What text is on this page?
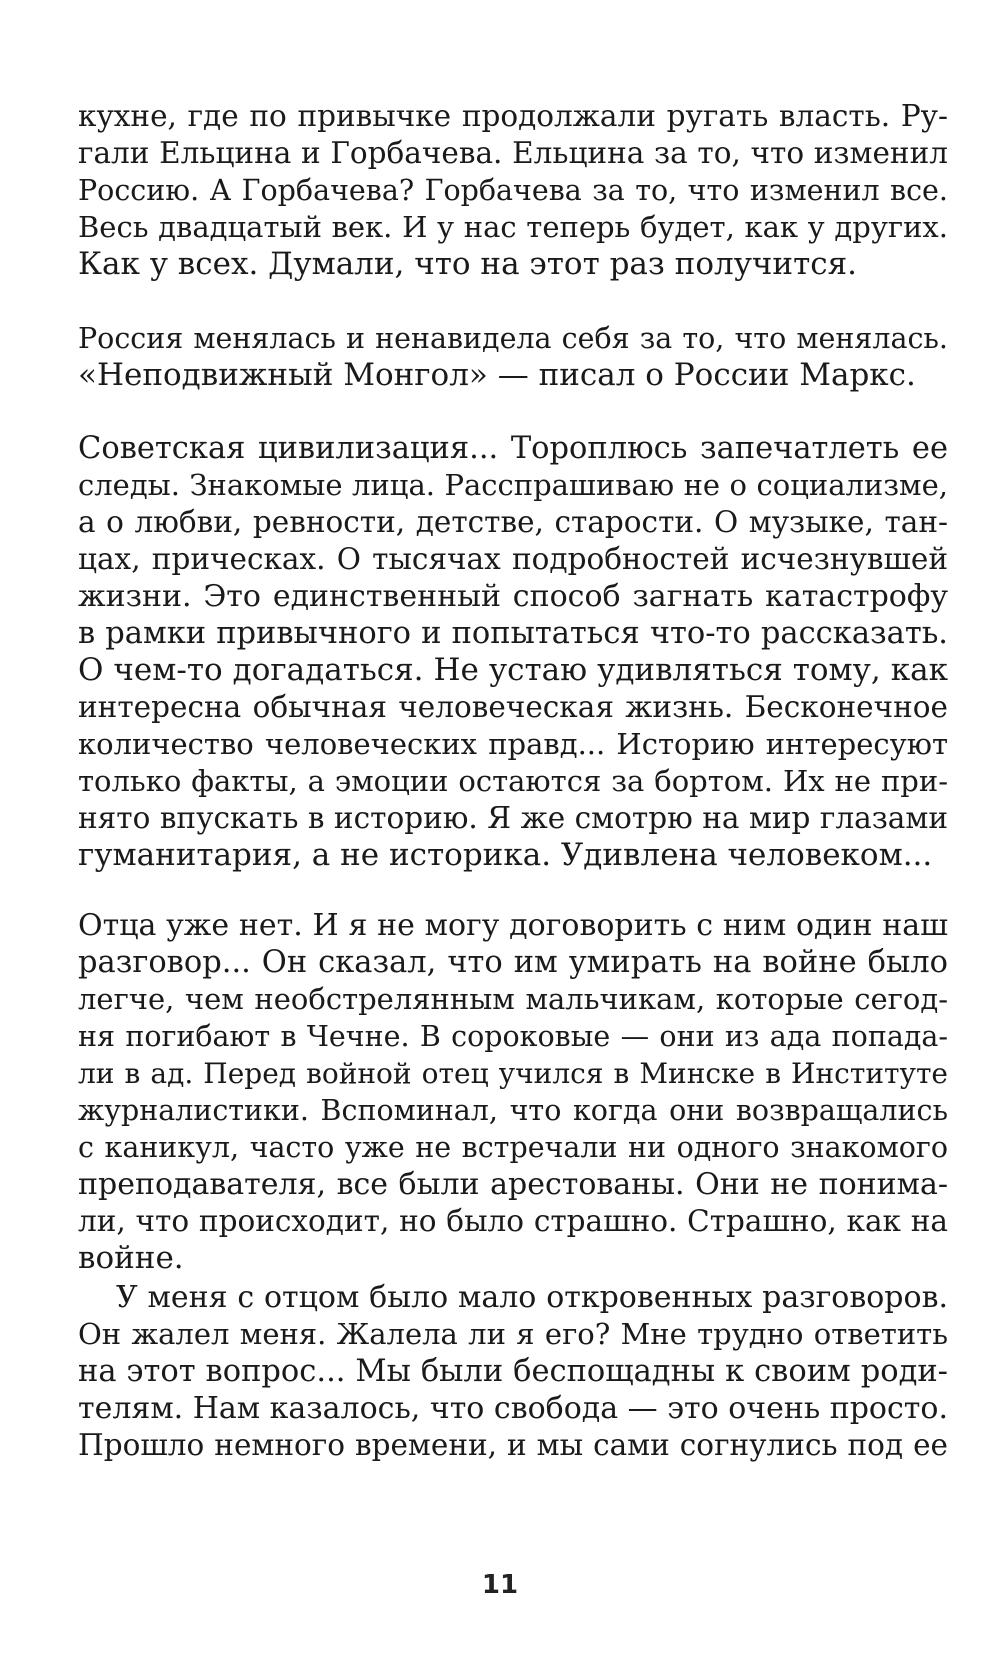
кухне, где по привычке продолжали ругать власть. Ру-
гали Ельцина и Горбачева. Ельцина за то, что изменил
Россию. А Горбачева? Горбачева за то, что изменил все.
Весь двадцатый век. И у нас теперь будет, как у других.
Как у всех. Думали, что на этот раз получится.
Россия менялась и ненавидела себя за то, что менялась.
«Неподвижный Монгол» — писал о России Маркс.
Советская цивилизация... Тороплюсь запечатлеть ее
следы. Знакомые лица. Расспрашиваю не о социализме,
а о любви, ревности, детстве, старости. О музыке, тан-
цах, прическах. О тысячах подробностей исчезнувшей
жизни. Это единственный способ загнать катастрофу
в рамки привычного и попытаться что-то рассказать.
О чем-то догадаться. Не устаю удивляться тому, как
интересна обычная человеческая жизнь. Бесконечное
количество человеческих правд... Историю интересуют
только факты, а эмоции остаются за бортом. Их не при-
нято впускать в историю. Я же смотрю на мир глазами
гуманитария, а не историка. Удивлена человеком...
Отца уже нет. И я не могу договорить с ним один наш
разговор... Он сказал, что им умирать на войне было
легче, чем необстрелянным мальчикам, которые сегод-
ня погибают в Чечне. В сороковые — они из ада попада-
ли в ад. Перед войной отец учился в Минске в Институте
журналистики. Вспоминал, что когда они возвращались
с каникул, часто уже не встречали ни одного знакомого
преподавателя, все были арестованы. Они не понима-
ли, что происходит, но было страшно. Страшно, как на
войне.
У меня с отцом было мало откровенных разговоров.
Он жалел меня. Жалела ли я его? Мне трудно ответить
на этот вопрос... Мы были беспощадны к своим роди-
телям. Нам казалось, что свобода — это очень просто.
Прошло немного времени, и мы сами согнулись под ее
11
